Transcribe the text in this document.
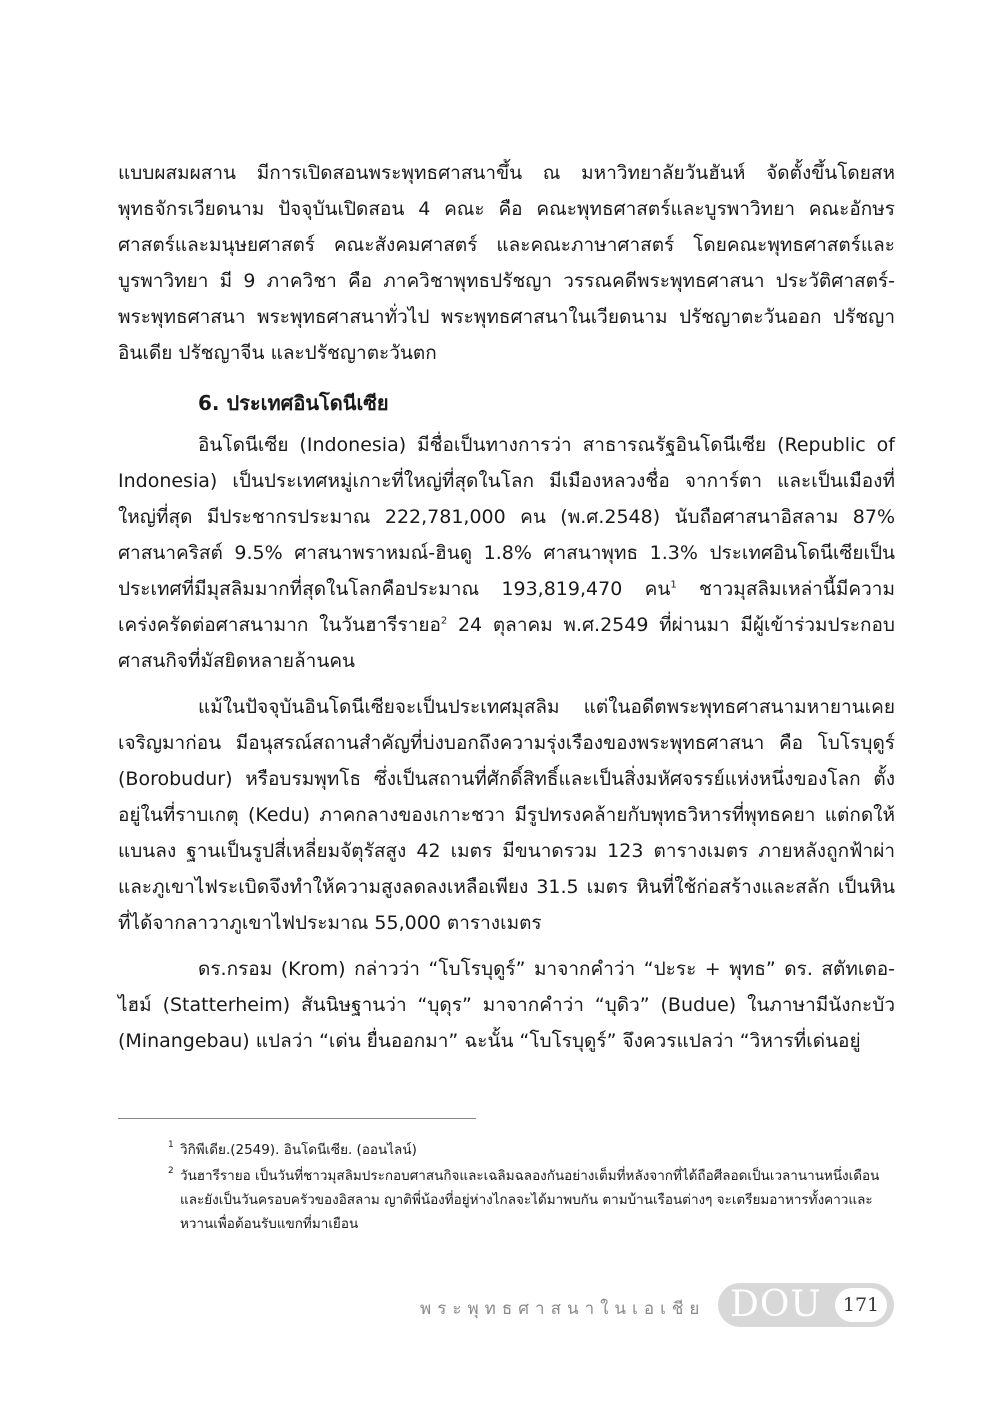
แบบผสมผสาน มีการเปิดสอนพระพุทธศาสนาขึ้น ณ มหาวิทยาลัยวันฮันห์ จัดตั้งขึ้นโดยสหพุทธจักรเวียดนาม ปัจจุบันเปิดสอน 4 คณะ คือ คณะพุทธศาสตร์และบูรพาวิทยา คณะอักษรศาสตร์และมนุษยศาสตร์ คณะสังคมศาสตร์ และคณะภาษาศาสตร์ โดยคณะพุทธศาสตร์และบูรพาวิทยา มี 9 ภาควิชา คือ ภาควิชาพุทธปรัชญา วรรณคดีพระพุทธศาสนา ประวัติศาสตร์-พระพุทธศาสนา พระพุทธศาสนาทั่วไป พระพุทธศาสนาในเวียดนาม ปรัชญาตะวันออก ปรัชญาอินเดีย ปรัชญาจีน และปรัชญาตะวันตก

6. ประเทศอินโดนีเซีย

อินโดนีเซีย (Indonesia) มีชื่อเป็นทางการว่า สาธารณรัฐอินโดนีเซีย (Republic of Indonesia) เป็นประเทศหมู่เกาะที่ใหญ่ที่สุดในโลก มีเมืองหลวงชื่อ จาการ์ตา และเป็นเมืองที่ใหญ่ที่สุด มีประชากรประมาณ 222,781,000 คน (พ.ศ.2548) นับถือศาสนาอิสลาม 87% ศาสนาคริสต์ 9.5% ศาสนาพราหมณ์-ฮินดู 1.8% ศาสนาพุทธ 1.3% ประเทศอินโดนีเซียเป็นประเทศที่มีมุสลิมมากที่สุดในโลกคือประมาณ 193,819,470 คน$^1$ ชาวมุสลิมเหล่านี้มีความเคร่งครัดต่อศาสนามาก ในวันฮารีรายอ$^2$ 24 ตุลาคม พ.ศ.2549 ที่ผ่านมา มีผู้เข้าร่วมประกอบศาสนกิจที่มัสยิดหลายล้านคน

แม้ในปัจจุบันอินโดนีเซียจะเป็นประเทศมุสลิม แต่ในอดีตพระพุทธศาสนามหายานเคยเจริญมาก่อน มีอนุสรณ์สถานสำคัญที่บ่งบอกถึงความรุ่งเรืองของพระพุทธศาสนา คือ โบโรบุดูร์ (Borobudur) หรือบรมพุทโธ ซึ่งเป็นสถานที่ศักดิ์สิทธิ์และเป็นสิ่งมหัศจรรย์แห่งหนึ่งของโลก ตั้งอยู่ในที่ราบเกตุ (Kedu) ภาคกลางของเกาะชวา มีรูปทรงคล้ายกับพุทธวิหารที่พุทธคยา แต่กดให้แบนลง ฐานเป็นรูปสี่เหลี่ยมจัตุรัสสูง 42 เมตร มีขนาดรวม 123 ตารางเมตร ภายหลังถูกฟ้าผ่าและภูเขาไฟระเบิดจึงทำให้ความสูงลดลงเหลือเพียง 31.5 เมตร หินที่ใช้ก่อสร้างและสลัก เป็นหินที่ได้จากลาวาภูเขาไฟประมาณ 55,000 ตารางเมตร

ดร.กรอม (Krom) กล่าวว่า “โบโรบุดูร์” มาจากคำว่า “ปะระ + พุทธ” ดร. สตัทเตอ-ไฮม์ (Statterheim) สันนิษฐานว่า “บุดุร” มาจากคำว่า “บุดิว” (Budue) ในภาษามีนังกะบัว (Minangebau) แปลว่า “เด่น ยื่นออกมา” ฉะนั้น “โบโรบุดูร์” จึงควรแปลว่า “วิหารที่เด่นอยู่

1 วิกิพีเดีย.(2549). อินโดนีเซีย. (ออนไลน์)
2 วันฮารีรายอ เป็นวันที่ชาวมุสลิมประกอบศาสนกิจและเฉลิมฉลองกันอย่างเต็มที่หลังจากที่ได้ถือศีลอดเป็นเวลานานหนึ่งเดือน และยังเป็นวันครอบครัวของอิสลาม ญาติพี่น้องที่อยู่ห่างไกลจะได้มาพบกัน ตามบ้านเรือนต่างๆ จะเตรียมอาหารทั้งคาวและหวานเพื่อต้อนรับแขกที่มาเยือน
พระพุทธศาสนาในเอเชีย DOU	171
